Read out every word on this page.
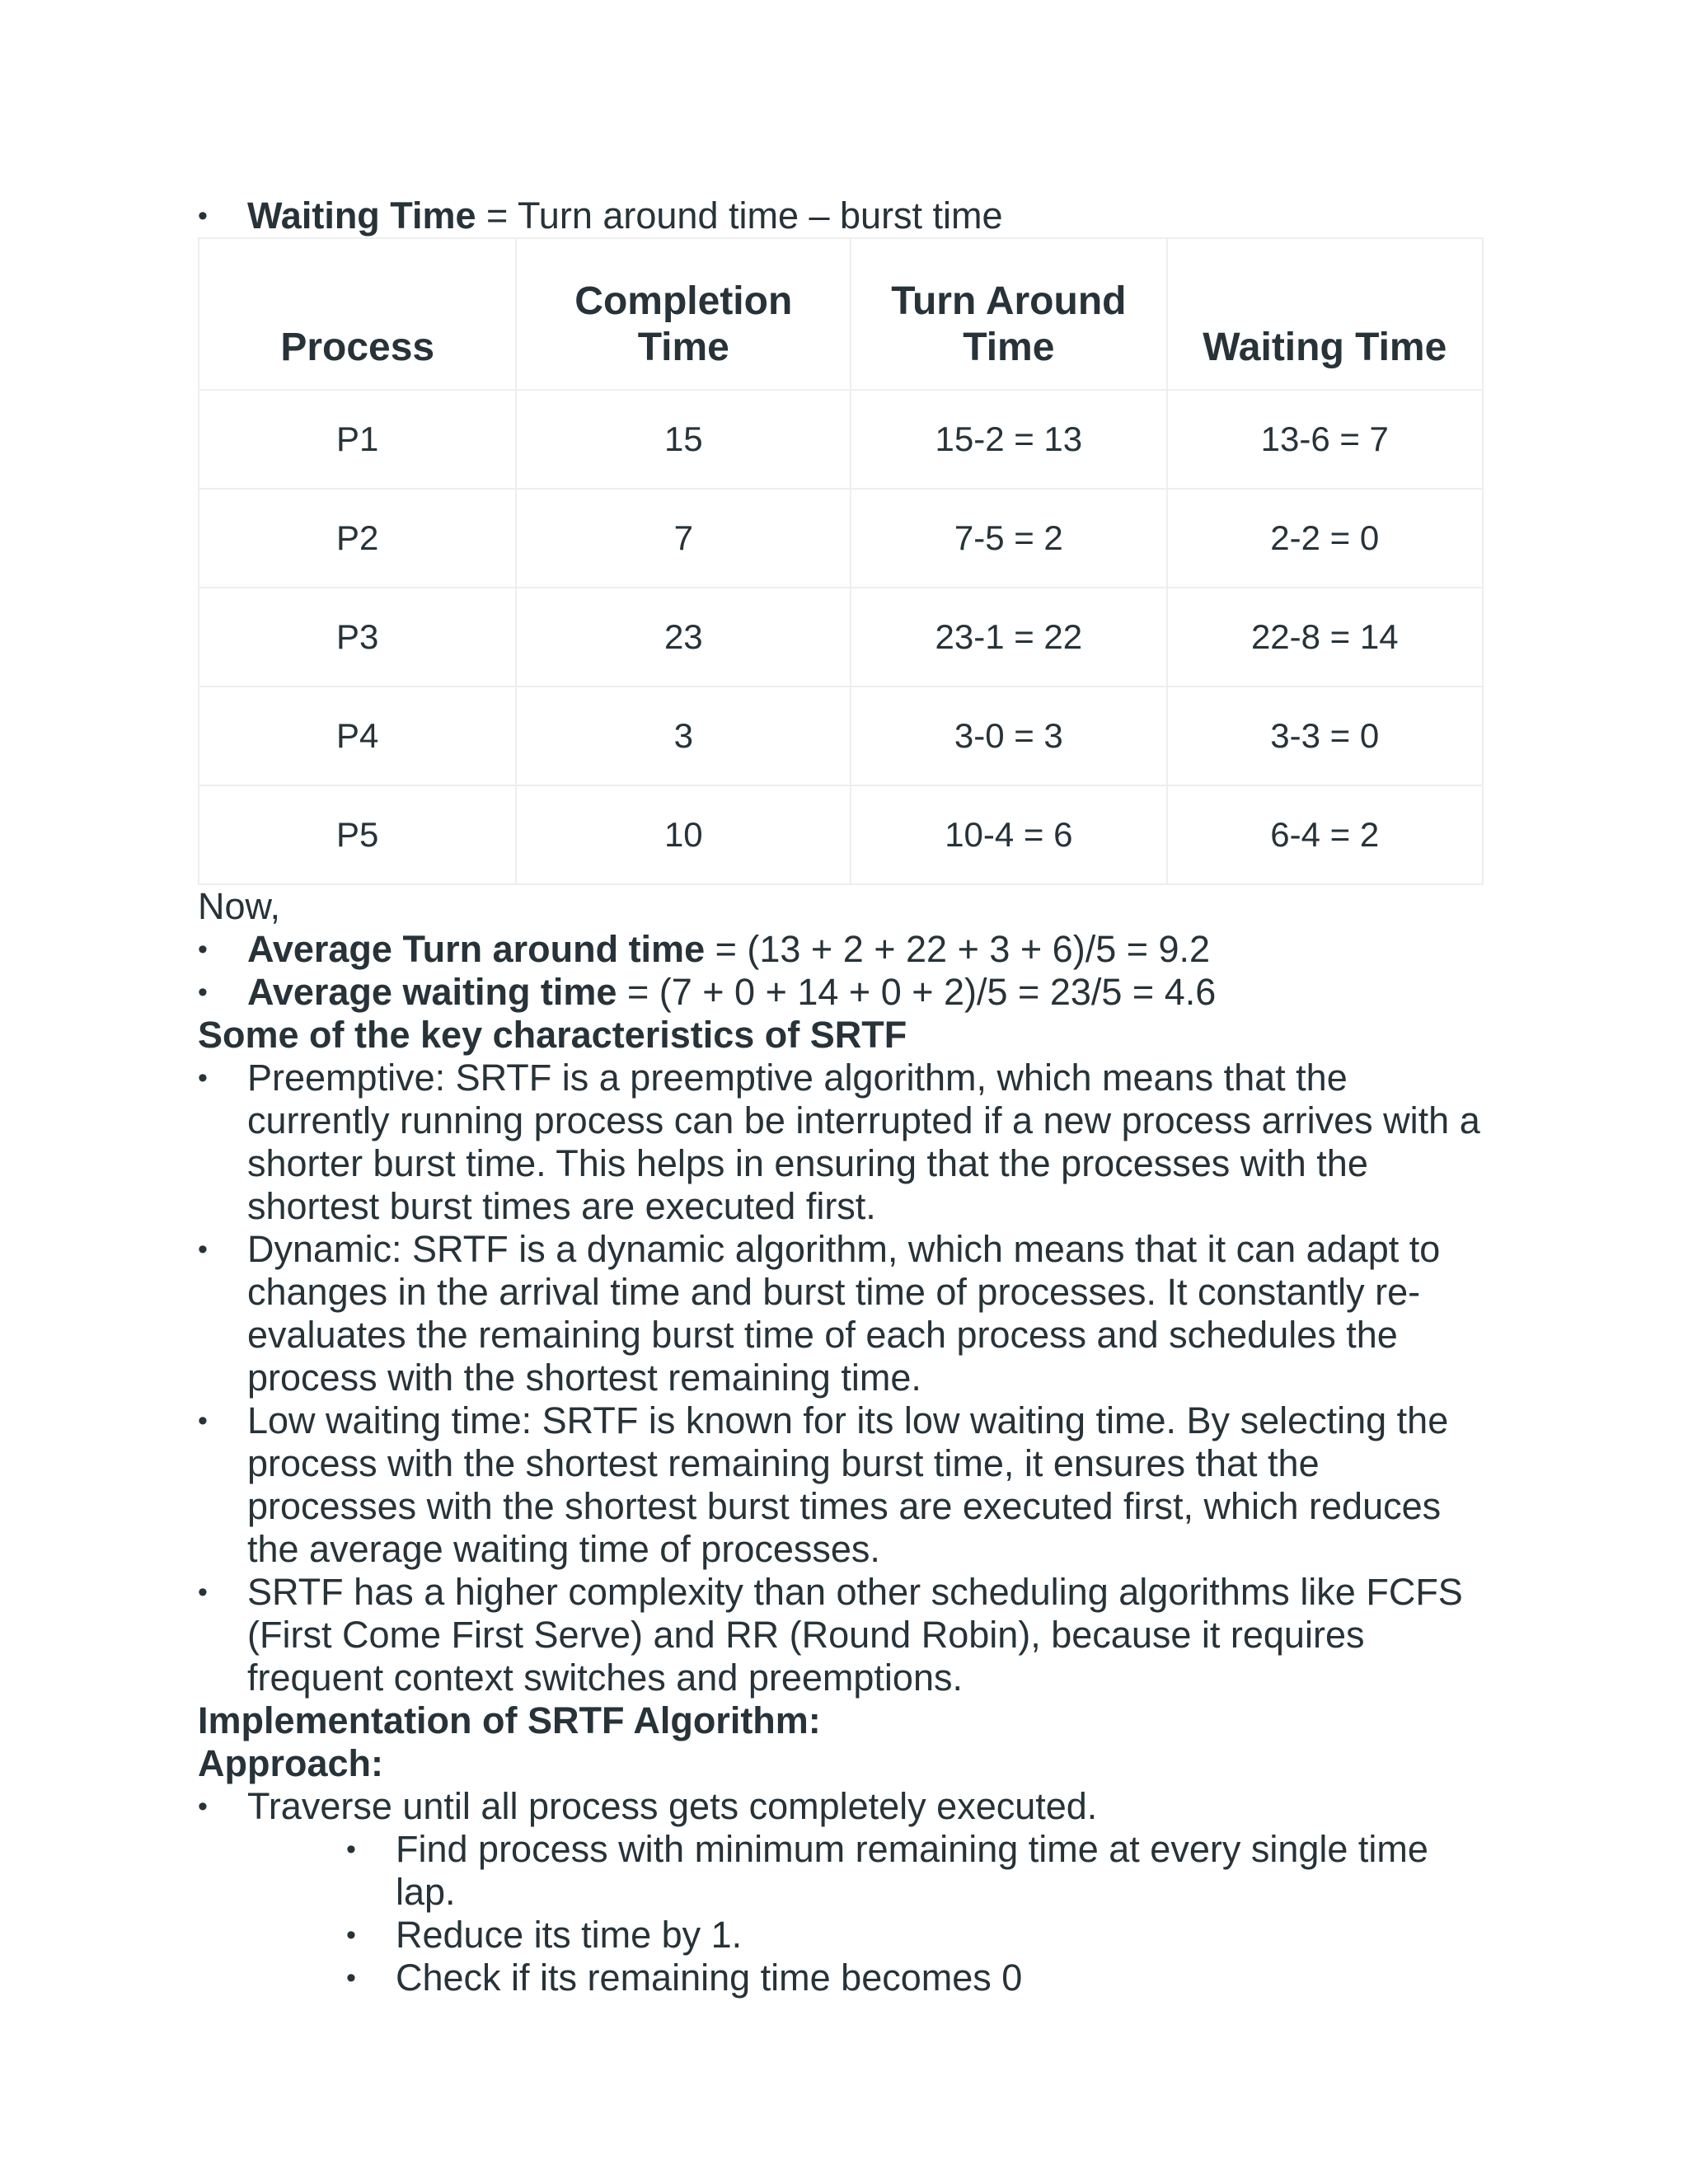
• Waiting Time = Turn around time – burst time
Process	Completion Time	Turn Around Time	Waiting Time
P1	15	15-2 = 13	13-6 = 7
P2	7	7-5 = 2	2-2 = 0
P3	23	23-1 = 22	22-8 = 14
P4	3	3-0 = 3	3-3 = 0
P5	10	10-4 = 6	6-4 = 2

Now,

• Average Turn around time = (13 + 2 + 22 + 3 + 6)/5 = 9.2
• Average waiting time = (7 + 0 + 14 + 0 + 2)/5 = 23/5 = 4.6
Some of the key characteristics of SRTF
• Preemptive: SRTF is a preemptive algorithm, which means that the currently running process can be interrupted if a new process arrives with a shorter burst time. This helps in ensuring that the processes with the shortest burst times are executed first.
• Dynamic: SRTF is a dynamic algorithm, which means that it can adapt to changes in the arrival time and burst time of processes. It constantly re-evaluates the remaining burst time of each process and schedules the process with the shortest remaining time.
• Low waiting time: SRTF is known for its low waiting time. By selecting the process with the shortest remaining burst time, it ensures that the processes with the shortest burst times are executed first, which reduces the average waiting time of processes.
• SRTF has a higher complexity than other scheduling algorithms like FCFS (First Come First Serve) and RR (Round Robin), because it requires frequent context switches and preemptions.
Implementation of SRTF Algorithm:
Approach:
• Traverse until all process gets completely executed.
• Find process with minimum remaining time at every single time lap.
• Reduce its time by 1.
• Check if its remaining time becomes 0
